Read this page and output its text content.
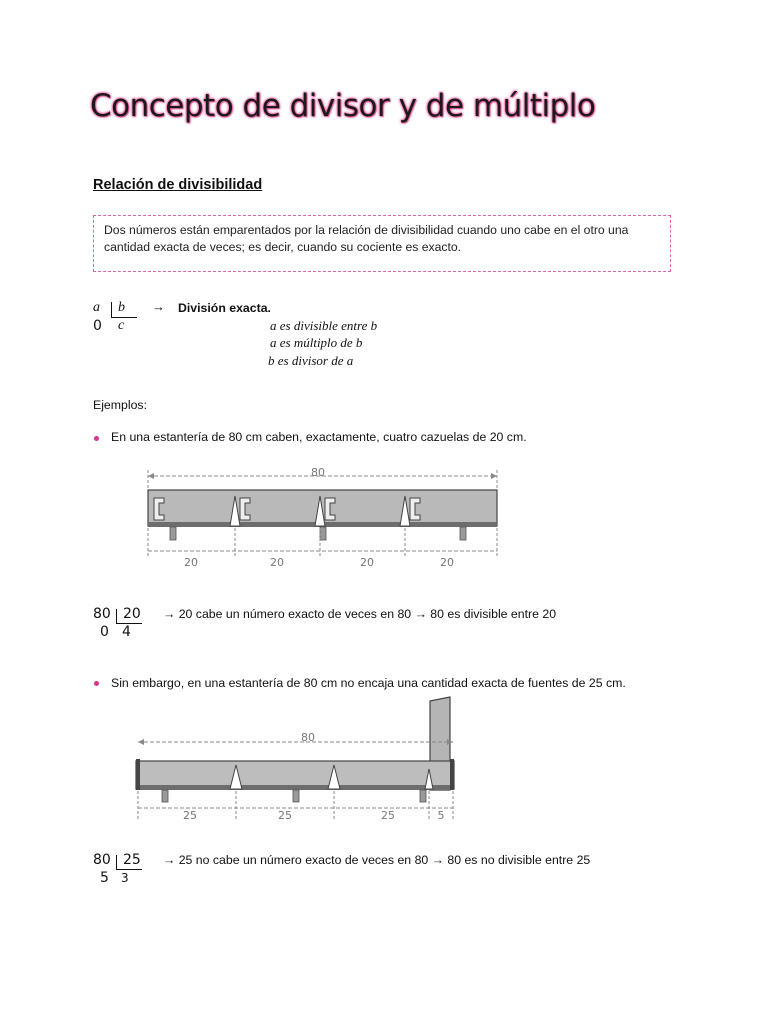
Concepto de divisor y de múltiplo
Relación de divisibilidad
Dos números están emparentados por la relación de divisibilidad cuando uno cabe en el otro una cantidad exacta de veces; es decir, cuando su cociente es exacto.
a b
0 c
→ División exacta.
a es divisible entre b
a es múltiplo de b
b es divisor de a
Ejemplos:
En una estantería de 80 cm caben, exactamente, cuatro cazuelas de 20 cm.
80
20	20	20	20
80 20
0 4
→ 20 cabe un número exacto de veces en 80 → 80 es divisible entre 20
Sin embargo, en una estantería de 80 cm no encaja una cantidad exacta de fuentes de 25 cm.
80
25	25	25	5
80 25
5 3
→ 25 no cabe un número exacto de veces en 80 → 80 es no divisible entre 25
